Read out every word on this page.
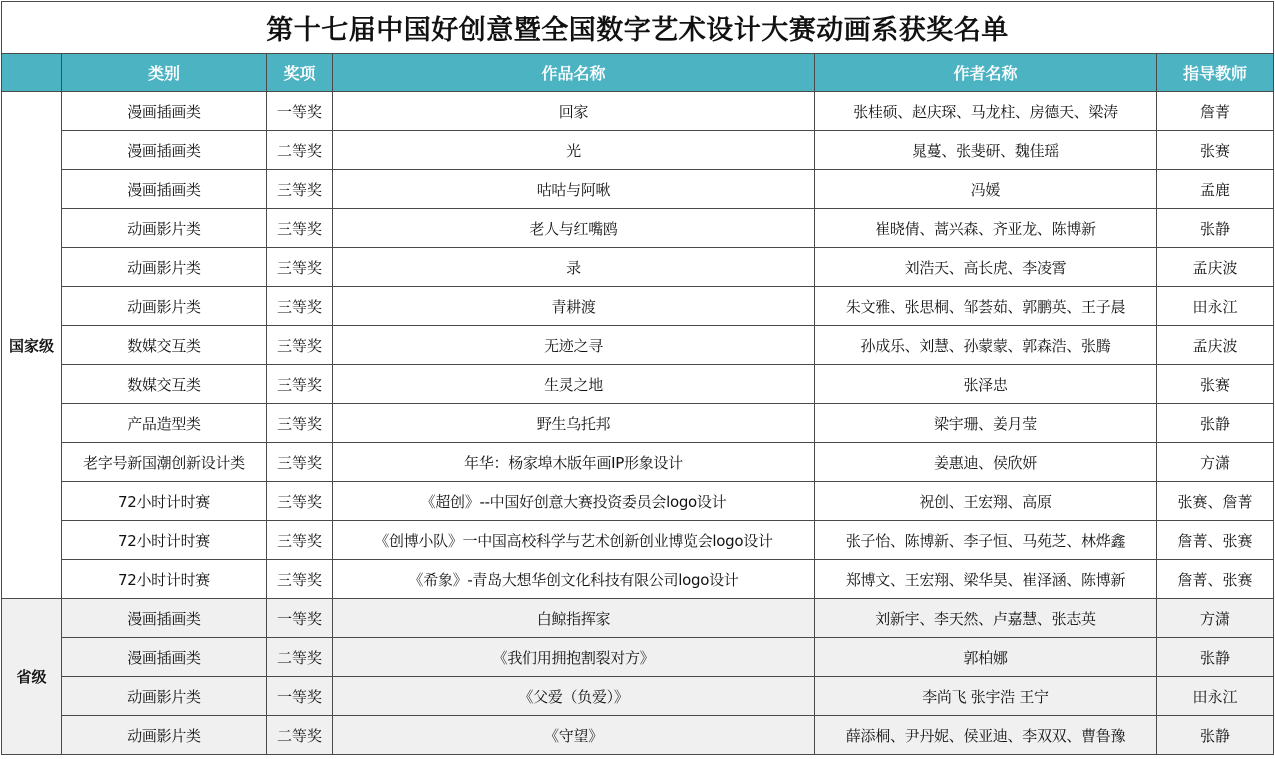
第十七届中国好创意暨全国数字艺术设计大赛动画系获奖名单					
	类别	奖项	作品名称	作者名称	指导教师
国家级	漫画插画类	一等奖	回家	张桂硕、赵庆琛、马龙柱、房德天、梁涛	詹菁
	漫画插画类	二等奖	光	晁蔓、张斐研、魏佳瑶	张赛
	漫画插画类	三等奖	咕咕与阿啾	冯媛	孟鹿
	动画影片类	三等奖	老人与红嘴鸥	崔晓倩、蒿兴森、齐亚龙、陈博新	张静
	动画影片类	三等奖	录	刘浩天、高长虎、李凌霄	孟庆波
	动画影片类	三等奖	青耕渡	朱文雅、张思桐、邹荟茹、郭鹏英、王子晨	田永江
	数媒交互类	三等奖	无迹之寻	孙成乐、刘慧、孙蒙蒙、郭森浩、张腾	孟庆波
	数媒交互类	三等奖	生灵之地	张泽忠	张赛
	产品造型类	三等奖	野生乌托邦	梁宇珊、姜月莹	张静
	老字号新国潮创新设计类	三等奖	年华：杨家埠木版年画IP形象设计	姜惠迪、侯欣妍	方潇
	72小时计时赛	三等奖	《超创》--中国好创意大赛投资委员会logo设计	祝创、王宏翔、高原	张赛、詹菁
	72小时计时赛	三等奖	《创博小队》一中国高校科学与艺术创新创业博览会logo设计	张子怡、陈博新、李子恒、马苑芝、林烨鑫	詹菁、张赛
	72小时计时赛	三等奖	《希象》-青岛大想华创文化科技有限公司logo设计	郑博文、王宏翔、梁华昊、崔泽涵、陈博新	詹菁、张赛
省级	漫画插画类	一等奖	白鲸指挥家	刘新宇、李天然、卢嘉慧、张志英	方潇
	漫画插画类	二等奖	《我们用拥抱割裂对方》	郭柏娜	张静
	动画影片类	一等奖	《父爱（负爱）》	李尚飞 张宇浩 王宁	田永江
	动画影片类	二等奖	《守望》	薛添桐、尹丹妮、侯亚迪、李双双、曹鲁豫	张静
